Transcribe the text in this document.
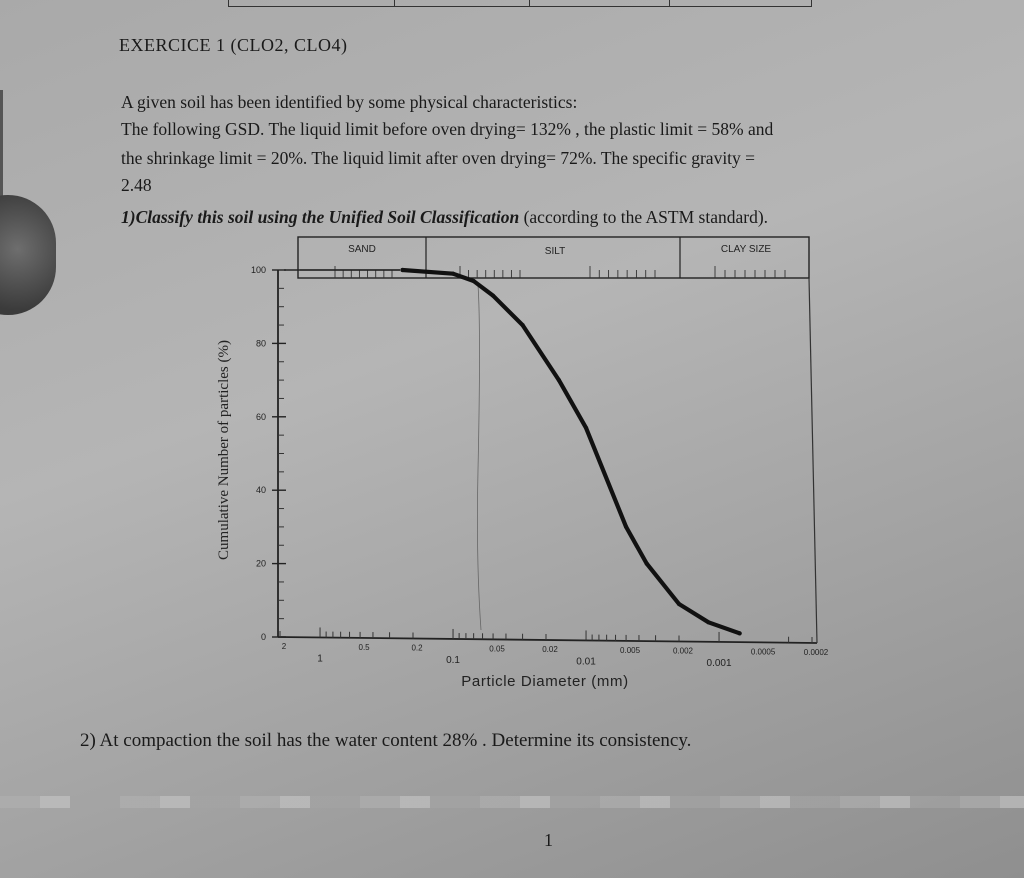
EXERCICE 1 (CLO2, CLO4)
A given soil has been identified by some physical characteristics:
The following GSD. The liquid limit before oven drying= 132% , the plastic limit = 58% and
the shrinkage limit = 20%. The liquid limit after oven drying= 72%. The specific gravity =
2.48
1)Classify this soil using the Unified Soil Classification (according to the ASTM standard).
SAND	SILT	CLAY SIZE
100
80
60
40
20
0
1	0.1	0.01	0.001
2	0.5	0.2	0.05	0.02	0.005	0.002	0.0005	0.0002
Particle Diameter (mm)
Cumulative Number of particles (%)
2) At compaction the soil has the water content 28% . Determine its consistency.
1
